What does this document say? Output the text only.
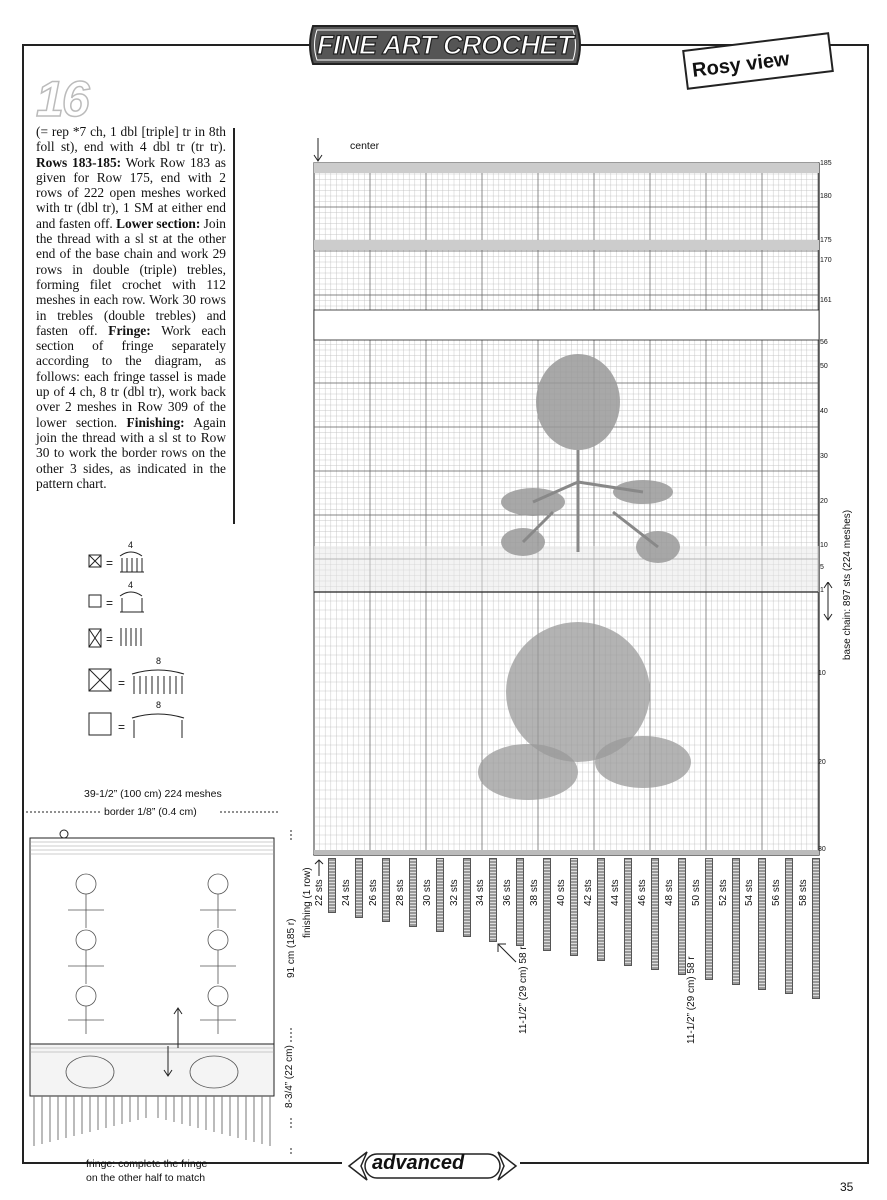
FINE ART CROCHET
Rosy view
16
(= rep *7 ch, 1 dbl [triple] tr in 8th foll st), end with 4 dbl tr (tr tr). Rows 183-185: Work Row 183 as given for Row 175, end with 2 rows of 222 open meshes worked with tr (dbl tr), 1 SM at either end and fasten off. Lower section: Join the thread with a sl st at the other end of the base chain and work 29 rows in double (triple) trebles, forming filet crochet with 112 meshes in each row. Work 30 rows in trebles (double trebles) and fasten off. Fringe: Work each section of fringe separately according to the diagram, as follows: each fringe tassel is made up of 4 ch, 8 tr (dbl tr), work back over 2 meshes in Row 309 of the lower section. Finishing: Again join the thread with a sl st to Row 30 to work the border rows on the other 3 sides, as indicated in the pattern chart.
=
4
=
4
=
=
8
=
8
39-1/2” (100 cm) 224 meshes
border 1/8” (0.4 cm)
fringe: complete the fringe
on the other half to match
91 cm (185 r)
8-3/4” (22 cm)
center
185
180
175
170
161
56
50
40
30
20
10
5
1
10
20
30
base chain: 897 sts (224 meshes)
finishing (1 row) 22 sts 24 sts 26 sts 28 sts 30 sts 32 sts 34 sts 36 sts 38 sts 40 sts 42 sts 44 sts 46 sts 48 sts 50 sts 52 sts 54 sts 56 sts 58 sts
11-1/2” (29 cm) 58 r	11-1/2” (29 cm) 58 r
advanced
35
